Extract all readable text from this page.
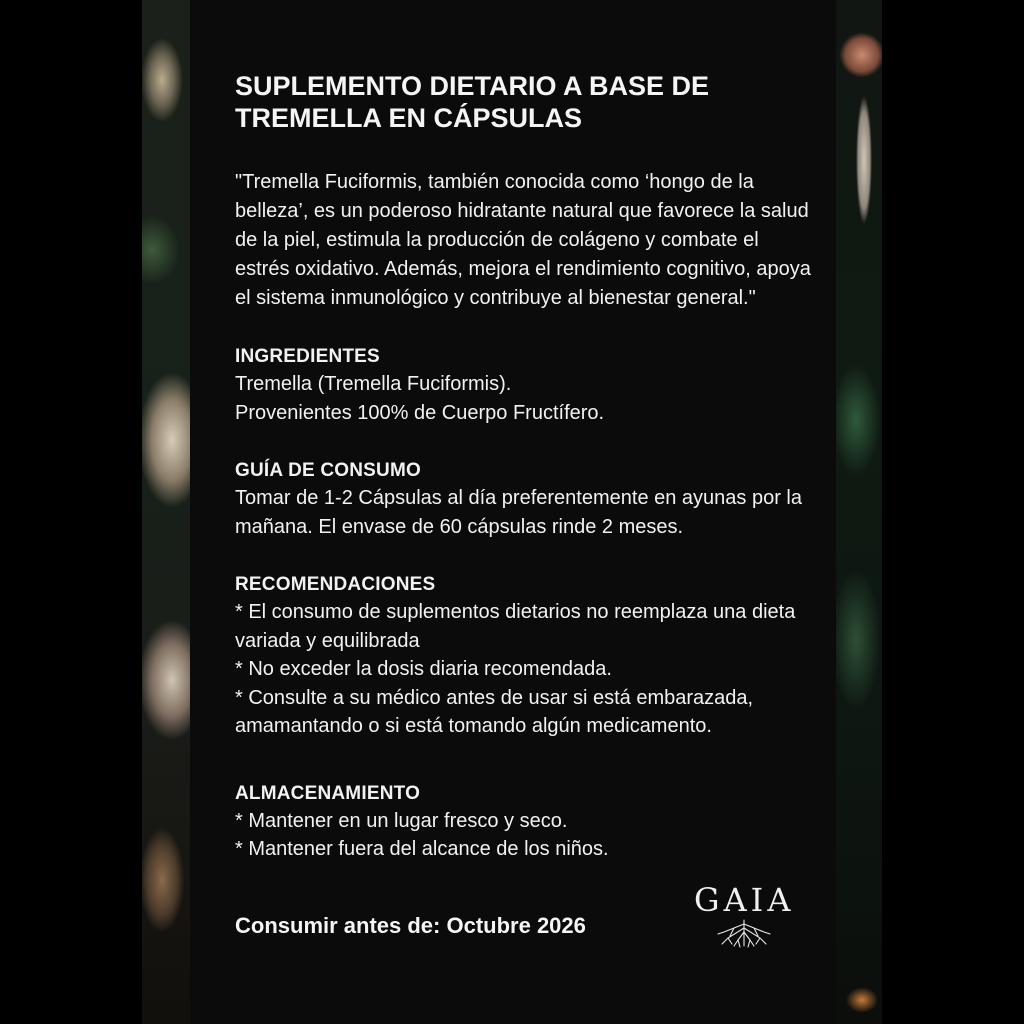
SUPLEMENTO DIETARIO A BASE DE TREMELLA EN CÁPSULAS

"Tremella Fuciformis, también conocida como ‘hongo de la belleza’, es un poderoso hidratante natural que favorece la salud de la piel, estimula la producción de colágeno y combate el estrés oxidativo. Además, mejora el rendimiento cognitivo, apoya el sistema inmunológico y contribuye al bienestar general."

INGREDIENTES

Tremella (Tremella Fuciformis).

Provenientes 100% de Cuerpo Fructífero.

GUÍA DE CONSUMO

Tomar de 1-2 Cápsulas al día preferentemente en ayunas por la mañana. El envase de 60 cápsulas rinde 2 meses.

RECOMENDACIONES

* El consumo de suplementos dietarios no reemplaza una dieta variada y equilibrada

* No exceder la dosis diaria recomendada.

* Consulte a su médico antes de usar si está embarazada, amamantando o si está tomando algún medicamento.

ALMACENAMIENTO

* Mantener en un lugar fresco y seco.

* Mantener fuera del alcance de los niños.

Consumir antes de: Octubre 2026
GAIA
